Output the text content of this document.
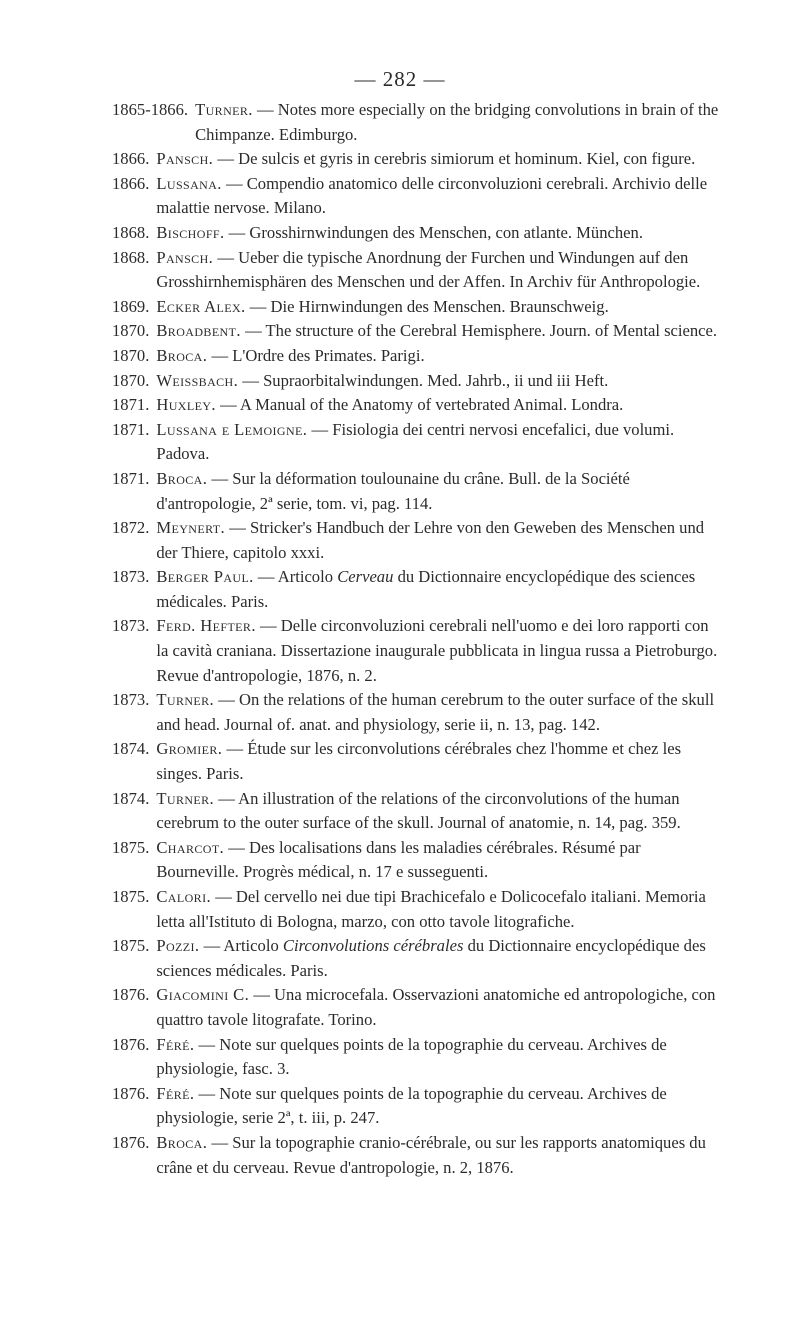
— 282 —
1865-1866. Turner. — Notes more especially on the bridging convolutions in brain of the Chimpanze. Edimburgo.
1866. Pansch. — De sulcis et gyris in cerebris simiorum et hominum. Kiel, con figure.
1866. Lussana. — Compendio anatomico delle circonvoluzioni cerebrali. Archivio delle malattie nervose. Milano.
1868. Bischoff. — Grosshirnwindungen des Menschen, con atlante. München.
1868. Pansch. — Ueber die typische Anordnung der Furchen und Windungen auf den Grosshirnhemisphären des Menschen und der Affen. In Archiv für Anthropologie.
1869. Ecker Alex. — Die Hirnwindungen des Menschen. Braunschweig.
1870. Broadbent. — The structure of the Cerebral Hemisphere. Journ. of Mental science.
1870. Broca. — L'Ordre des Primates. Parigi.
1870. Weissbach. — Supraorbitalwindungen. Med. Jahrb., ii und iii Heft.
1871. Huxley. — A Manual of the Anatomy of vertebrated Animal. Londra.
1871. Lussana e Lemoigne. — Fisiologia dei centri nervosi encefalici, due volumi. Padova.
1871. Broca. — Sur la déformation toulounaine du crâne. Bull. de la Société d'antropologie, 2ª serie, tom. vi, pag. 114.
1872. Meynert. — Stricker's Handbuch der Lehre von den Geweben des Menschen und der Thiere, capitolo xxxi.
1873. Berger Paul. — Articolo Cerveau du Dictionnaire encyclopédique des sciences médicales. Paris.
1873. Ferd. Hefter. — Delle circonvoluzioni cerebrali nell'uomo e dei loro rapporti con la cavità craniana. Dissertazione inaugurale pubblicata in lingua russa a Pietroburgo. Revue d'antropologie, 1876, n. 2.
1873. Turner. — On the relations of the human cerebrum to the outer surface of the skull and head. Journal of. anat. and physiology, serie ii, n. 13, pag. 142.
1874. Gromier. — Étude sur les circonvolutions cérébrales chez l'homme et chez les singes. Paris.
1874. Turner. — An illustration of the relations of the circonvolutions of the human cerebrum to the outer surface of the skull. Journal of anatomie, n. 14, pag. 359.
1875. Charcot. — Des localisations dans les maladies cérébrales. Résumé par Bourneville. Progrès médical, n. 17 e susseguenti.
1875. Calori. — Del cervello nei due tipi Brachicefalo e Dolicocefalo italiani. Memoria letta all'Istituto di Bologna, marzo, con otto tavole litografiche.
1875. Pozzi. — Articolo Circonvolutions cérébrales du Dictionnaire encyclopédique des sciences médicales. Paris.
1876. Giacomini C. — Una microcefala. Osservazioni anatomiche ed antropologiche, con quattro tavole litografate. Torino.
1876. Féré. — Note sur quelques points de la topographie du cerveau. Archives de physiologie, fasc. 3.
1876. Féré. — Note sur quelques points de la topographie du cerveau. Archives de physiologie, serie 2ª, t. iii, p. 247.
1876. Broca. — Sur la topographie cranio-cérébrale, ou sur les rapports anatomiques du crâne et du cerveau. Revue d'antropologie, n. 2, 1876.
